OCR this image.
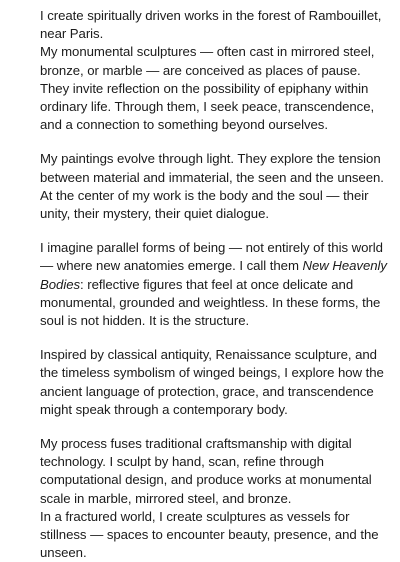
I create spiritually driven works in the forest of Rambouillet, near Paris.
My monumental sculptures — often cast in mirrored steel, bronze, or marble — are conceived as places of pause. They invite reflection on the possibility of epiphany within ordinary life. Through them, I seek peace, transcendence, and a connection to something beyond ourselves.
My paintings evolve through light. They explore the tension between material and immaterial, the seen and the unseen.
At the center of my work is the body and the soul — their unity, their mystery, their quiet dialogue.
I imagine parallel forms of being — not entirely of this world — where new anatomies emerge. I call them New Heavenly Bodies: reflective figures that feel at once delicate and monumental, grounded and weightless. In these forms, the soul is not hidden. It is the structure.
Inspired by classical antiquity, Renaissance sculpture, and the timeless symbolism of winged beings, I explore how the ancient language of protection, grace, and transcendence might speak through a contemporary body.
My process fuses traditional craftsmanship with digital technology. I sculpt by hand, scan, refine through computational design, and produce works at monumental scale in marble, mirrored steel, and bronze.
In a fractured world, I create sculptures as vessels for stillness — spaces to encounter beauty, presence, and the unseen.
